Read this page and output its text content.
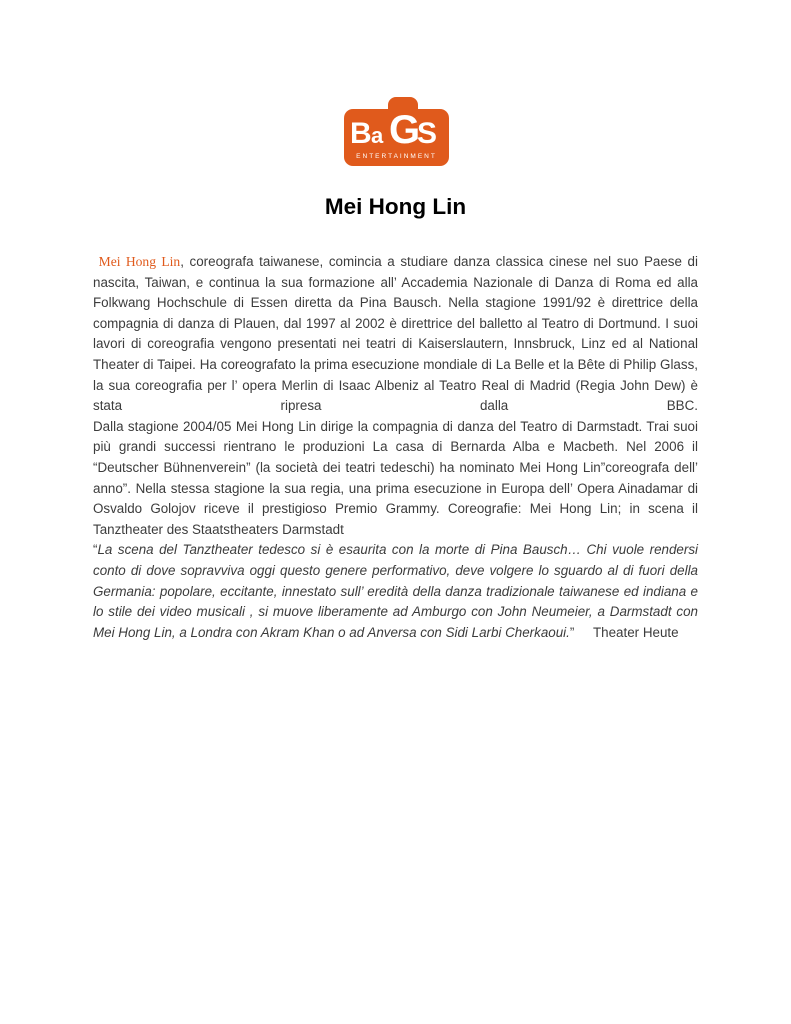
B a G
S
ENTERTAINMENT
Mei Hong Lin

Mei Hong Lin, coreografa taiwanese, comincia a studiare danza classica cinese nel suo Paese di nascita, Taiwan, e continua la sua formazione all’ Accademia Nazionale di Danza di Roma ed alla Folkwang Hochschule di Essen diretta da Pina Bausch. Nella stagione 1991/92 è direttrice della compagnia di danza di Plauen, dal 1997 al 2002 è direttrice del balletto al Teatro di Dortmund. I suoi lavori di coreografia vengono presentati nei teatri di Kaiserslautern, Innsbruck, Linz ed al National Theater di Taipei. Ha coreografato la prima esecuzione mondiale di La Belle et la Bête di Philip Glass, la sua coreografia per l’ opera Merlin di Isaac Albeniz al Teatro Real di Madrid (Regia John Dew) è stata ripresa dalla BBC.

Dalla stagione 2004/05 Mei Hong Lin dirige la compagnia di danza del Teatro di Darmstadt. Trai suoi più grandi successi rientrano le produzioni La casa di Bernarda Alba e Macbeth. Nel 2006 il “Deutscher Bühnenverein” (la società dei teatri tedeschi) ha nominato Mei Hong Lin”coreografa dell’ anno”. Nella stessa stagione la sua regia, una prima esecuzione in Europa dell’ Opera Ainadamar di Osvaldo Golojov riceve il prestigioso Premio Grammy. Coreografie: Mei Hong Lin; in scena il Tanztheater des Staatstheaters Darmstadt

“La scena del Tanztheater tedesco si è esaurita con la morte di Pina Bausch… Chi vuole rendersi conto di dove sopravviva oggi questo genere performativo, deve volgere lo sguardo al di fuori della Germania: popolare, eccitante, innestato sull’ eredità della danza tradizionale taiwanese ed indiana e lo stile dei video musicali , si muove liberamente ad Amburgo con John Neumeier, a Darmstadt con Mei Hong Lin, a Londra con Akram Khan o ad Anversa con Sidi Larbi Cherkaoui.” Theater Heute
